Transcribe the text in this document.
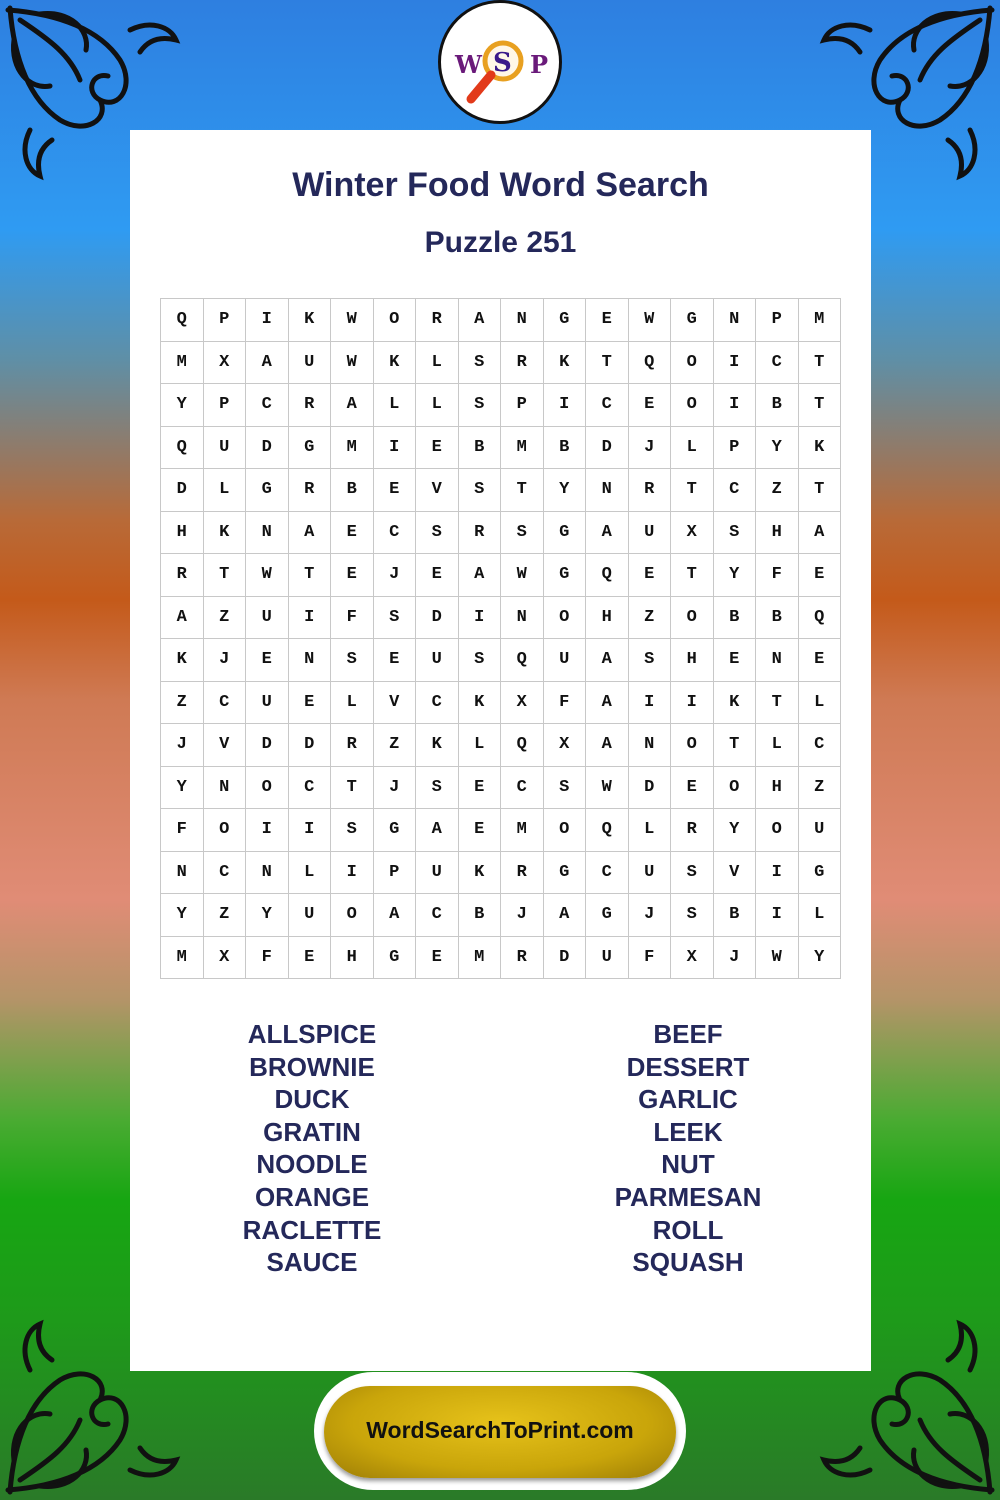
W S P
Winter Food Word Search
Puzzle 251
Q	P	I	K	W	O	R	A	N	G	E	W	G	N	P	M
M	X	A	U	W	K	L	S	R	K	T	Q	O	I	C	T
Y	P	C	R	A	L	L	S	P	I	C	E	O	I	B	T
Q	U	D	G	M	I	E	B	M	B	D	J	L	P	Y	K
D	L	G	R	B	E	V	S	T	Y	N	R	T	C	Z	T
H	K	N	A	E	C	S	R	S	G	A	U	X	S	H	A
R	T	W	T	E	J	E	A	W	G	Q	E	T	Y	F	E
A	Z	U	I	F	S	D	I	N	O	H	Z	O	B	B	Q
K	J	E	N	S	E	U	S	Q	U	A	S	H	E	N	E
Z	C	U	E	L	V	C	K	X	F	A	I	I	K	T	L
J	V	D	D	R	Z	K	L	Q	X	A	N	O	T	L	C
Y	N	O	C	T	J	S	E	C	S	W	D	E	O	H	Z
F	O	I	I	S	G	A	E	M	O	Q	L	R	Y	O	U
N	C	N	L	I	P	U	K	R	G	C	U	S	V	I	G
Y	Z	Y	U	O	A	C	B	J	A	G	J	S	B	I	L
M	X	F	E	H	G	E	M	R	D	U	F	X	J	W	Y
ALLSPICE
BROWNIE
DUCK
GRATIN
NOODLE
ORANGE
RACLETTE
SAUCE
BEEF
DESSERT
GARLIC
LEEK
NUT
PARMESAN
ROLL
SQUASH
WordSearchToPrint.com
